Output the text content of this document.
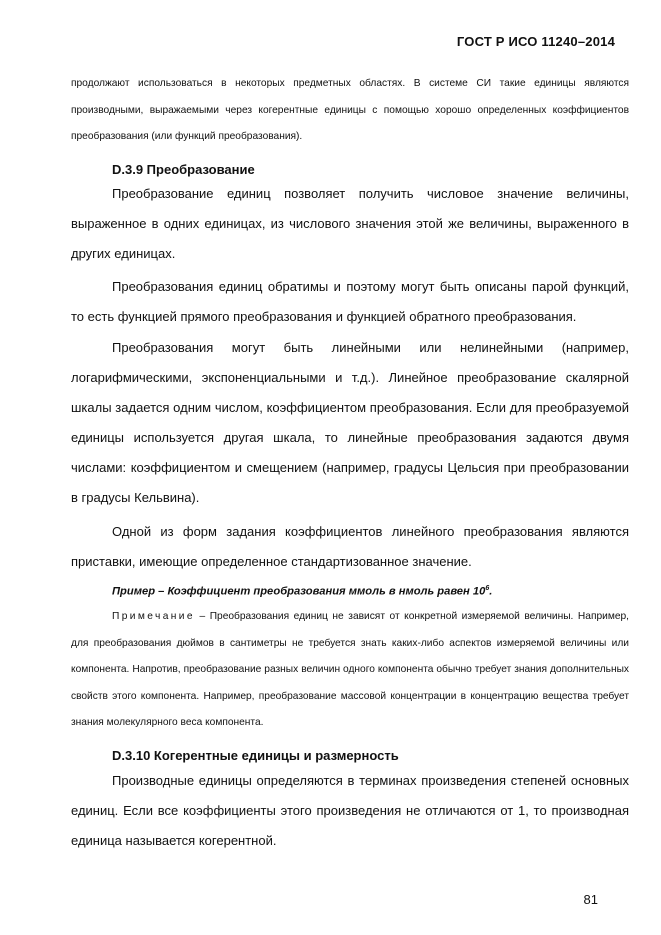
ГОСТ Р ИСО 11240–2014

продолжают использоваться в некоторых предметных областях. В системе СИ такие единицы являются производными, выражаемыми через когерентные единицы с помощью хорошо определенных коэффициентов преобразования (или функций преобразования).

D.3.9 Преобразование

Преобразование единиц позволяет получить числовое значение величины, выраженное в одних единицах, из числового значения этой же величины, выраженного в других единицах.

Преобразования единиц обратимы и поэтому могут быть описаны парой функций, то есть функцией прямого преобразования и функцией обратного преобразования.

Преобразования могут быть линейными или нелинейными (например, логарифмическими, экспоненциальными и т.д.). Линейное преобразование скалярной шкалы задается одним числом, коэффициентом преобразования. Если для преобразуемой единицы используется другая шкала, то линейные преобразования задаются двумя числами: коэффициентом и смещением (например, градусы Цельсия при преобразовании в градусы Кельвина).

Одной из форм задания коэффициентов линейного преобразования являются приставки, имеющие определенное стандартизованное значение.

Пример – Коэффициент преобразования ммоль в нмоль равен $10^6$.

Примечание – Преобразования единиц не зависят от конкретной измеряемой величины. Например, для преобразования дюймов в сантиметры не требуется знать каких-либо аспектов измеряемой величины или компонента. Напротив, преобразование разных величин одного компонента обычно требует знания дополнительных свойств этого компонента. Например, преобразование массовой концентрации в концентрацию вещества требует знания молекулярного веса компонента.

D.3.10 Когерентные единицы и размерность

Производные единицы определяются в терминах произведения степеней основных единиц. Если все коэффициенты этого произведения не отличаются от 1, то производная единица называется когерентной.

81
